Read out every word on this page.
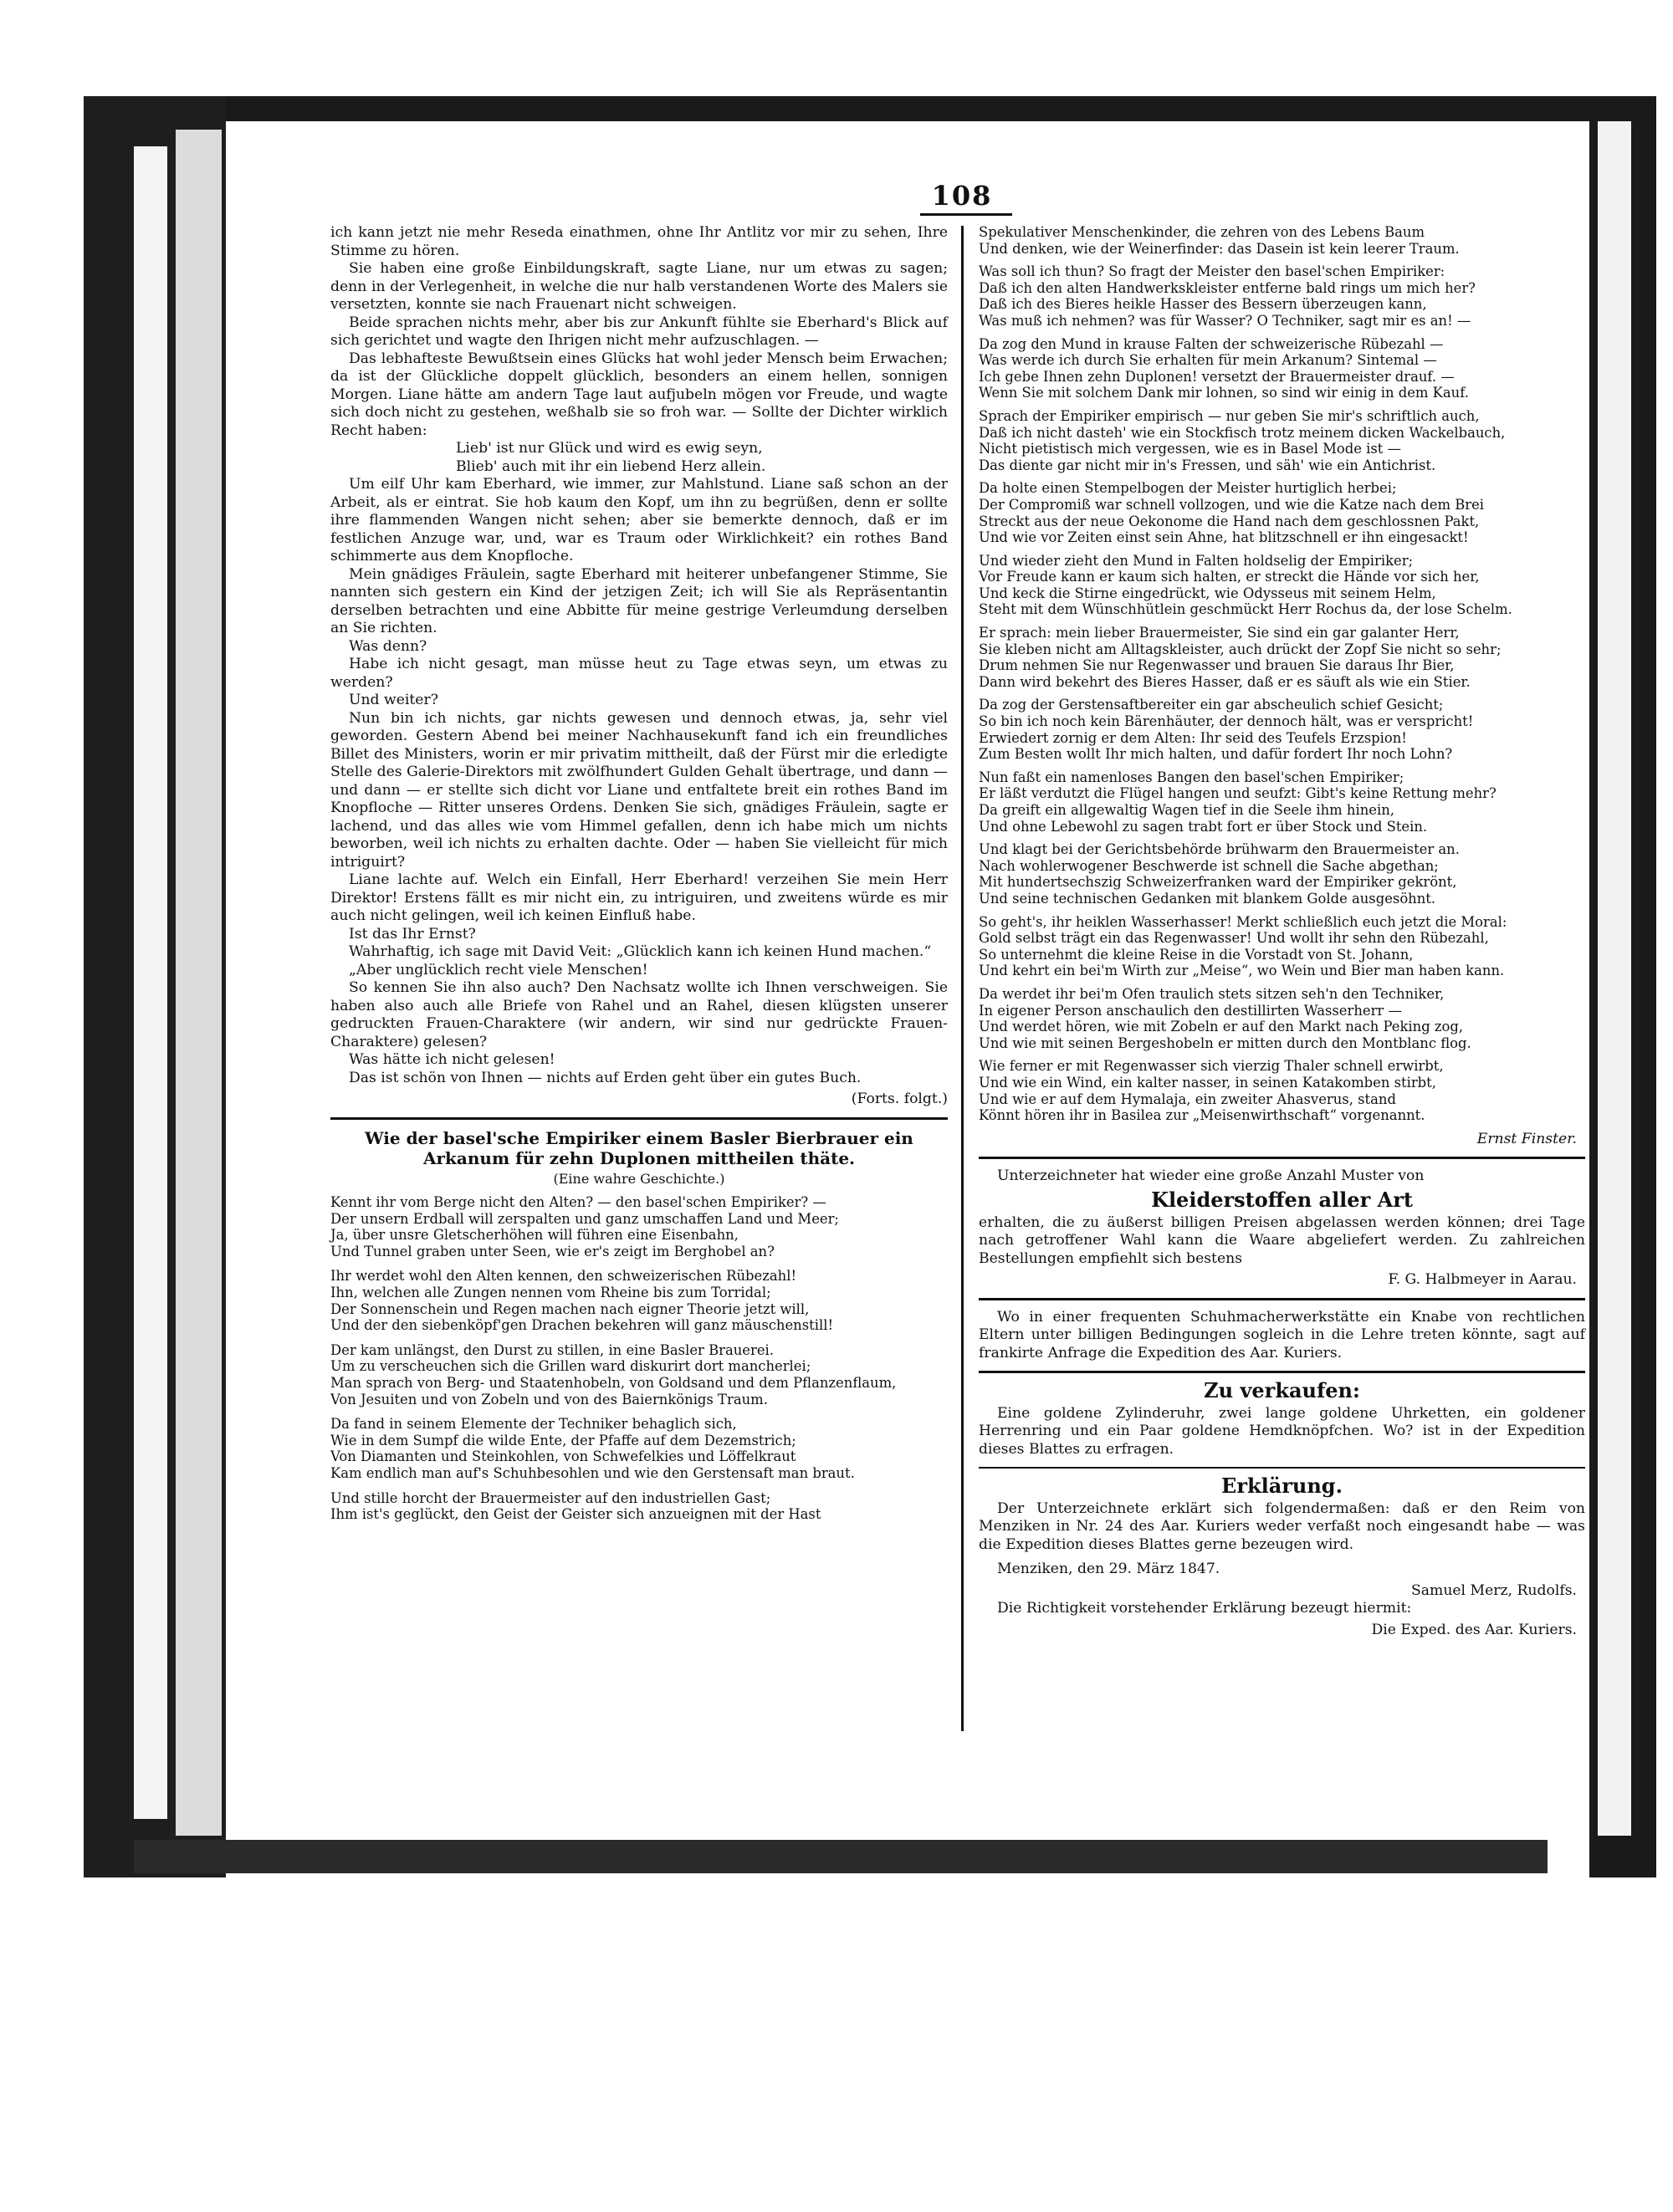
108

ich kann jetzt nie mehr Reseda einathmen, ohne Ihr Antlitz vor mir zu sehen, Ihre Stimme zu hören.

Sie haben eine große Einbildungskraft, sagte Liane, nur um etwas zu sagen; denn in der Verlegenheit, in welche die nur halb verstandenen Worte des Malers sie versetzten, konnte sie nach Frauenart nicht schweigen.

Beide sprachen nichts mehr, aber bis zur Ankunft fühlte sie Eberhard's Blick auf sich gerichtet und wagte den Ihrigen nicht mehr aufzuschlagen. —

Das lebhafteste Bewußtsein eines Glücks hat wohl jeder Mensch beim Erwachen; da ist der Glückliche doppelt glücklich, besonders an einem hellen, sonnigen Morgen. Liane hätte am andern Tage laut aufjubeln mögen vor Freude, und wagte sich doch nicht zu gestehen, weßhalb sie so froh war. — Sollte der Dichter wirklich Recht haben:

Lieb' ist nur Glück und wird es ewig seyn,
Blieb' auch mit ihr ein liebend Herz allein.

Um eilf Uhr kam Eberhard, wie immer, zur Mahlstund. Liane saß schon an der Arbeit, als er eintrat. Sie hob kaum den Kopf, um ihn zu begrüßen, denn er sollte ihre flammenden Wangen nicht sehen; aber sie bemerkte dennoch, daß er im festlichen Anzuge war, und, war es Traum oder Wirklichkeit? ein rothes Band schimmerte aus dem Knopfloche.

Mein gnädiges Fräulein, sagte Eberhard mit heiterer unbefangener Stimme, Sie nannten sich gestern ein Kind der jetzigen Zeit; ich will Sie als Repräsentantin derselben betrachten und eine Abbitte für meine gestrige Verleumdung derselben an Sie richten.

Was denn?

Habe ich nicht gesagt, man müsse heut zu Tage etwas seyn, um etwas zu werden?

Und weiter?

Nun bin ich nichts, gar nichts gewesen und dennoch etwas, ja, sehr viel geworden. Gestern Abend bei meiner Nachhausekunft fand ich ein freundliches Billet des Ministers, worin er mir privatim mittheilt, daß der Fürst mir die erledigte Stelle des Galerie-Direktors mit zwölfhundert Gulden Gehalt übertrage, und dann — und dann — er stellte sich dicht vor Liane und entfaltete breit ein rothes Band im Knopfloche — Ritter unseres Ordens. Denken Sie sich, gnädiges Fräulein, sagte er lachend, und das alles wie vom Himmel gefallen, denn ich habe mich um nichts beworben, weil ich nichts zu erhalten dachte. Oder — haben Sie vielleicht für mich intriguirt?

Liane lachte auf. Welch ein Einfall, Herr Eberhard! verzeihen Sie mein Herr Direktor! Erstens fällt es mir nicht ein, zu intriguiren, und zweitens würde es mir auch nicht gelingen, weil ich keinen Einfluß habe.

Ist das Ihr Ernst?

Wahrhaftig, ich sage mit David Veit: „Glücklich kann ich keinen Hund machen.“

„Aber unglücklich recht viele Menschen!

So kennen Sie ihn also auch? Den Nachsatz wollte ich Ihnen verschweigen. Sie haben also auch alle Briefe von Rahel und an Rahel, diesen klügsten unserer gedruckten Frauen-Charaktere (wir andern, wir sind nur gedrückte Frauen-Charaktere) gelesen?

Was hätte ich nicht gelesen!

Das ist schön von Ihnen — nichts auf Erden geht über ein gutes Buch.

(Forts. folgt.)

Wie der basel'sche Empiriker einem Basler Bierbrauer ein Arkanum für zehn Duplonen mittheilen thäte.

(Eine wahre Geschichte.)

Kennt ihr vom Berge nicht den Alten? — den basel'schen Empiriker? —
Der unsern Erdball will zerspalten und ganz umschaffen Land und Meer;
Ja, über unsre Gletscherhöhen will führen eine Eisenbahn,
Und Tunnel graben unter Seen, wie er's zeigt im Berghobel an?

Ihr werdet wohl den Alten kennen, den schweizerischen Rübezahl!
Ihn, welchen alle Zungen nennen vom Rheine bis zum Torridal;
Der Sonnenschein und Regen machen nach eigner Theorie jetzt will,
Und der den siebenköpf'gen Drachen bekehren will ganz mäuschenstill!

Der kam unlängst, den Durst zu stillen, in eine Basler Brauerei.
Um zu verscheuchen sich die Grillen ward diskurirt dort mancherlei;
Man sprach von Berg- und Staatenhobeln, von Goldsand und dem Pflanzenflaum,
Von Jesuiten und von Zobeln und von des Baiernkönigs Traum.

Da fand in seinem Elemente der Techniker behaglich sich,
Wie in dem Sumpf die wilde Ente, der Pfaffe auf dem Dezemstrich;
Von Diamanten und Steinkohlen, von Schwefelkies und Löffelkraut
Kam endlich man auf's Schuhbesohlen und wie den Gerstensaft man braut.

Und stille horcht der Brauermeister auf den industriellen Gast;
Ihm ist's geglückt, den Geist der Geister sich anzueignen mit der Hast

Spekulativer Menschenkinder, die zehren von des Lebens Baum
Und denken, wie der Weinerfinder: das Dasein ist kein leerer Traum.

Was soll ich thun? So fragt der Meister den basel'schen Empiriker:
Daß ich den alten Handwerkskleister entferne bald rings um mich her?
Daß ich des Bieres heikle Hasser des Bessern überzeugen kann,
Was muß ich nehmen? was für Wasser? O Techniker, sagt mir es an! —

Da zog den Mund in krause Falten der schweizerische Rübezahl —
Was werde ich durch Sie erhalten für mein Arkanum? Sintemal —
Ich gebe Ihnen zehn Duplonen! versetzt der Brauermeister drauf. —
Wenn Sie mit solchem Dank mir lohnen, so sind wir einig in dem Kauf.

Sprach der Empiriker empirisch — nur geben Sie mir's schriftlich auch,
Daß ich nicht dasteh' wie ein Stockfisch trotz meinem dicken Wackelbauch,
Nicht pietistisch mich vergessen, wie es in Basel Mode ist —
Das diente gar nicht mir in's Fressen, und säh' wie ein Antichrist.

Da holte einen Stempelbogen der Meister hurtiglich herbei;
Der Compromiß war schnell vollzogen, und wie die Katze nach dem Brei
Streckt aus der neue Oekonome die Hand nach dem geschlossnen Pakt,
Und wie vor Zeiten einst sein Ahne, hat blitzschnell er ihn eingesackt!

Und wieder zieht den Mund in Falten holdselig der Empiriker;
Vor Freude kann er kaum sich halten, er streckt die Hände vor sich her,
Und keck die Stirne eingedrückt, wie Odysseus mit seinem Helm,
Steht mit dem Wünschhütlein geschmückt Herr Rochus da, der lose Schelm.

Er sprach: mein lieber Brauermeister, Sie sind ein gar galanter Herr,
Sie kleben nicht am Alltagskleister, auch drückt der Zopf Sie nicht so sehr;
Drum nehmen Sie nur Regenwasser und brauen Sie daraus Ihr Bier,
Dann wird bekehrt des Bieres Hasser, daß er es säuft als wie ein Stier.

Da zog der Gerstensaftbereiter ein gar abscheulich schief Gesicht;
So bin ich noch kein Bärenhäuter, der dennoch hält, was er verspricht!
Erwiedert zornig er dem Alten: Ihr seid des Teufels Erzspion!
Zum Besten wollt Ihr mich halten, und dafür fordert Ihr noch Lohn?

Nun faßt ein namenloses Bangen den basel'schen Empiriker;
Er läßt verdutzt die Flügel hangen und seufzt: Gibt's keine Rettung mehr?
Da greift ein allgewaltig Wagen tief in die Seele ihm hinein,
Und ohne Lebewohl zu sagen trabt fort er über Stock und Stein.

Und klagt bei der Gerichtsbehörde brühwarm den Brauermeister an.
Nach wohlerwogener Beschwerde ist schnell die Sache abgethan;
Mit hundertsechszig Schweizerfranken ward der Empiriker gekrönt,
Und seine technischen Gedanken mit blankem Golde ausgesöhnt.

So geht's, ihr heiklen Wasserhasser! Merkt schließlich euch jetzt die Moral:
Gold selbst trägt ein das Regenwasser! Und wollt ihr sehn den Rübezahl,
So unternehmt die kleine Reise in die Vorstadt von St. Johann,
Und kehrt ein bei'm Wirth zur „Meise“, wo Wein und Bier man haben kann.

Da werdet ihr bei'm Ofen traulich stets sitzen seh'n den Techniker,
In eigener Person anschaulich den destillirten Wasserherr —
Und werdet hören, wie mit Zobeln er auf den Markt nach Peking zog,
Und wie mit seinen Bergeshobeln er mitten durch den Montblanc flog.

Wie ferner er mit Regenwasser sich vierzig Thaler schnell erwirbt,
Und wie ein Wind, ein kalter nasser, in seinen Katakomben stirbt,
Und wie er auf dem Hymalaja, ein zweiter Ahasverus, stand
Könnt hören ihr in Basilea zur „Meisenwirthschaft“ vorgenannt.

Ernst Finster.

Unterzeichneter hat wieder eine große Anzahl Muster von

Kleiderstoffen aller Art

erhalten, die zu äußerst billigen Preisen abgelassen werden können; drei Tage nach getroffener Wahl kann die Waare abgeliefert werden. Zu zahlreichen Bestellungen empfiehlt sich bestens

F. G. Halbmeyer in Aarau.

Wo in einer frequenten Schuhmacherwerkstätte ein Knabe von rechtlichen Eltern unter billigen Bedingungen sogleich in die Lehre treten könnte, sagt auf frankirte Anfrage die Expedition des Aar. Kuriers.

Zu verkaufen:

Eine goldene Zylinderuhr, zwei lange goldene Uhrketten, ein goldener Herrenring und ein Paar goldene Hemdknöpfchen. Wo? ist in der Expedition dieses Blattes zu erfragen.

Erklärung.

Der Unterzeichnete erklärt sich folgendermaßen: daß er den Reim von Menziken in Nr. 24 des Aar. Kuriers weder verfaßt noch eingesandt habe — was die Expedition dieses Blattes gerne bezeugen wird.

Menziken, den 29. März 1847.

Samuel Merz, Rudolfs.

Die Richtigkeit vorstehender Erklärung bezeugt hiermit:

Die Exped. des Aar. Kuriers.
